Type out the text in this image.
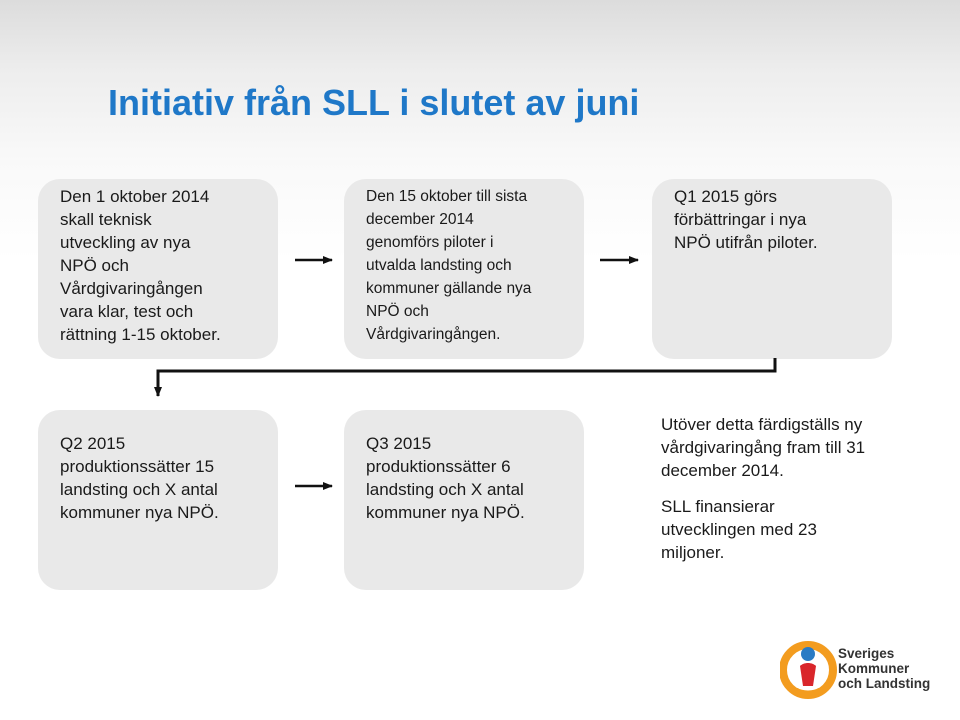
Initiativ från SLL i slutet av juni

Den 1 oktober 2014

skall teknisk

utveckling av nya

NPÖ och

Vårdgivaringången

vara klar, test och

rättning 1-15 oktober.

Den 15 oktober till sista

december 2014

genomförs piloter i

utvalda landsting och

kommuner gällande nya

NPÖ och

Vårdgivaringången.

Q1 2015 görs

förbättringar i nya

NPÖ utifrån piloter.

Q2 2015

produktionssätter 15

landsting och X antal

kommuner nya NPÖ.

Q3 2015

produktionssätter 6

landsting och X antal

kommuner nya NPÖ.

Utöver detta färdigställs ny
vårdgivaringång fram till 31
december 2014.

SLL finansierar
utvecklingen med 23
miljoner.

Sveriges
Kommuner
och Landsting
